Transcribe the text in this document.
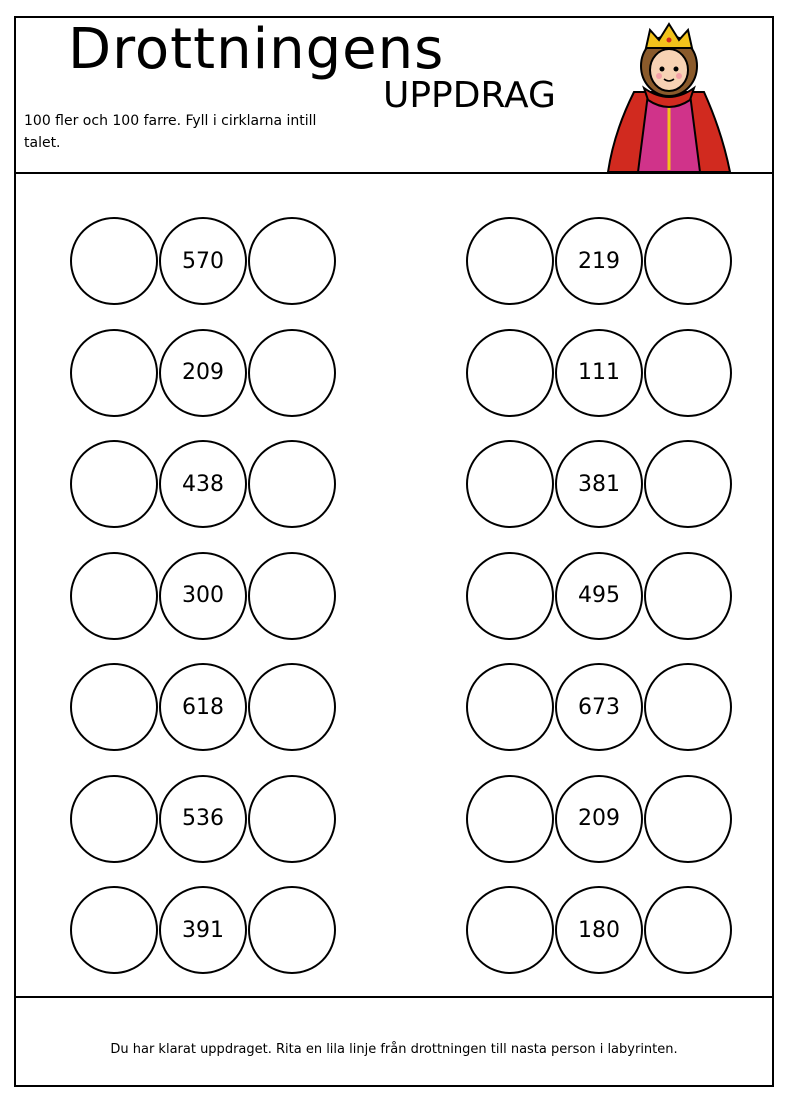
Drottningens
UPPDRAG
100 fler och 100 farre. Fyll i cirklarna intill talet.
570
209
438
300
618
536
391
219
111
381
495
673
209
180
Du har klarat uppdraget. Rita en lila linje från drottningen till nasta person i labyrinten.
